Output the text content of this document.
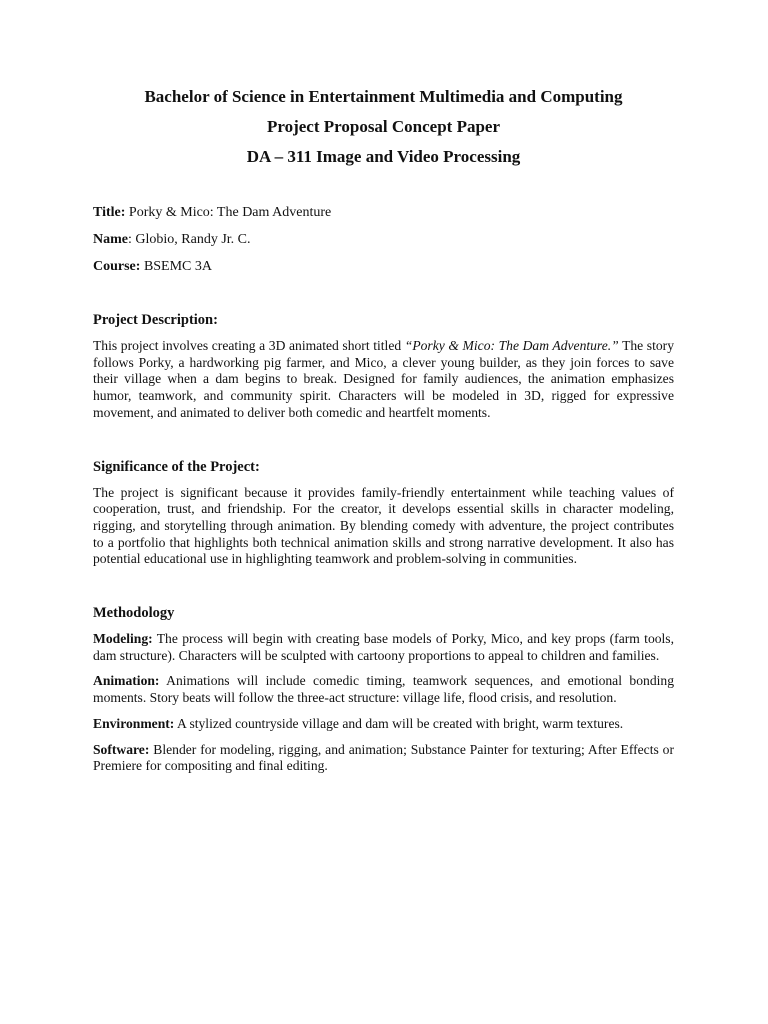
Bachelor of Science in Entertainment Multimedia and Computing

Project Proposal Concept Paper

DA – 311 Image and Video Processing

Title: Porky & Mico: The Dam Adventure

Name: Globio, Randy Jr. C.

Course: BSEMC 3A

Project Description:

This project involves creating a 3D animated short titled “Porky & Mico: The Dam Adventure.” The story follows Porky, a hardworking pig farmer, and Mico, a clever young builder, as they join forces to save their village when a dam begins to break. Designed for family audiences, the animation emphasizes humor, teamwork, and community spirit. Characters will be modeled in 3D, rigged for expressive movement, and animated to deliver both comedic and heartfelt moments.

Significance of the Project:

The project is significant because it provides family-friendly entertainment while teaching values of cooperation, trust, and friendship. For the creator, it develops essential skills in character modeling, rigging, and storytelling through animation. By blending comedy with adventure, the project contributes to a portfolio that highlights both technical animation skills and strong narrative development. It also has potential educational use in highlighting teamwork and problem-solving in communities.

Methodology

Modeling: The process will begin with creating base models of Porky, Mico, and key props (farm tools, dam structure). Characters will be sculpted with cartoony proportions to appeal to children and families.

Animation: Animations will include comedic timing, teamwork sequences, and emotional bonding moments. Story beats will follow the three-act structure: village life, flood crisis, and resolution.

Environment: A stylized countryside village and dam will be created with bright, warm textures.

Software: Blender for modeling, rigging, and animation; Substance Painter for texturing; After Effects or Premiere for compositing and final editing.
